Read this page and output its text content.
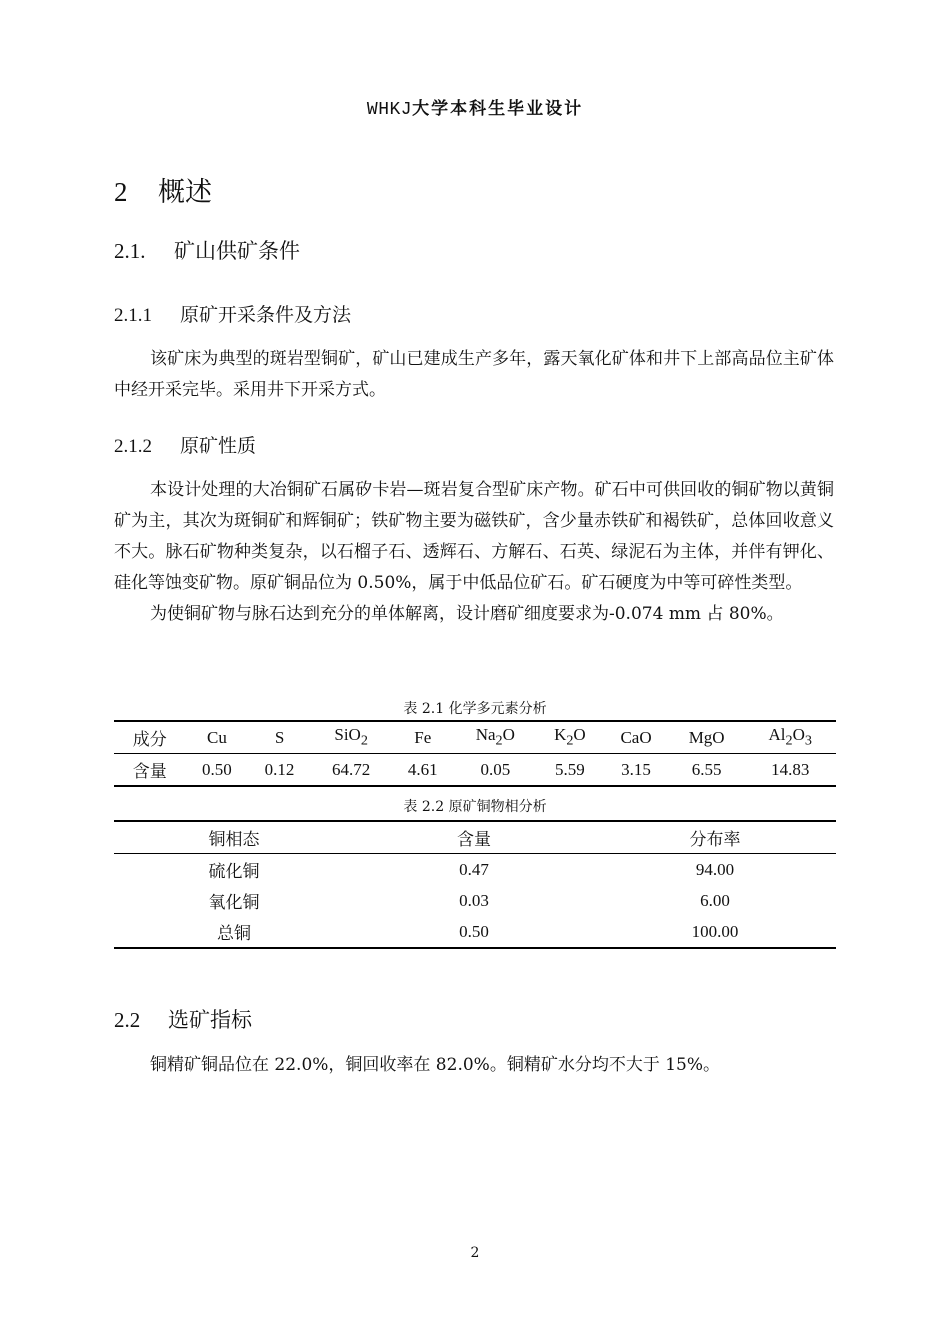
WHKJ大学本科生毕业设计
2 概述
2.1. 矿山供矿条件
2.1.1 原矿开采条件及方法

该矿床为典型的斑岩型铜矿，矿山已建成生产多年，露天氧化矿体和井下上部高品位主矿体中经开采完毕。采用井下开采方式。

2.1.2 原矿性质

本设计处理的大冶铜矿石属矽卡岩—斑岩复合型矿床产物。矿石中可供回收的铜矿物以黄铜矿为主，其次为斑铜矿和辉铜矿；铁矿物主要为磁铁矿，含少量赤铁矿和褐铁矿，总体回收意义不大。脉石矿物种类复杂，以石榴子石、透辉石、方解石、石英、绿泥石为主体，并伴有钾化、硅化等蚀变矿物。原矿铜品位为 0.50%，属于中低品位矿石。矿石硬度为中等可碎性类型。

为使铜矿物与脉石达到充分的单体解离，设计磨矿细度要求为-0.074 mm 占 80%。

表 2.1 化学多元素分析
成分	Cu	S	SiO$_2$	Fe	$Na_2O$	$K_2O$	CaO	MgO	$Al_2O_3$
含量	0.50	0.12	64.72	4.61	0.05	5.59	3.15	6.55	14.83
表 2.2 原矿铜物相分析
铜相态	含量	分布率
硫化铜	0.47	94.00
氧化铜	0.03	6.00
总铜	0.50	100.00
2.2 选矿指标

铜精矿铜品位在 22.0%，铜回收率在 82.0%。铜精矿水分均不大于 15%。

2
